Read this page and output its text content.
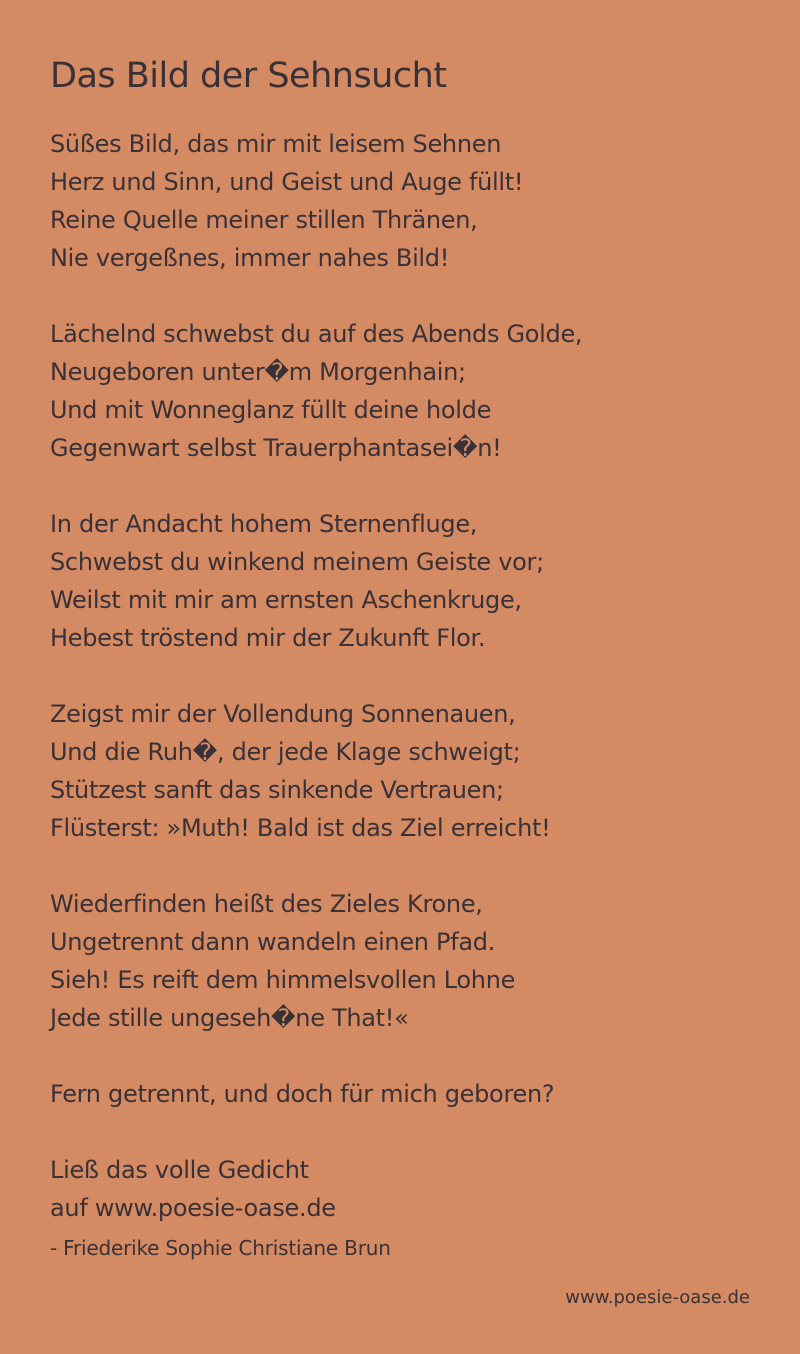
Das Bild der Sehnsucht
Süßes Bild, das mir mit leisem Sehnen
Herz und Sinn, und Geist und Auge füllt!
Reine Quelle meiner stillen Thränen,
Nie vergeßnes, immer nahes Bild!
Lächelnd schwebst du auf des Abends Golde,
Neugeboren unter�m Morgenhain;
Und mit Wonneglanz füllt deine holde
Gegenwart selbst Trauerphantasei�n!
In der Andacht hohem Sternenfluge,
Schwebst du winkend meinem Geiste vor;
Weilst mit mir am ernsten Aschenkruge,
Hebest tröstend mir der Zukunft Flor.
Zeigst mir der Vollendung Sonnenauen,
Und die Ruh�, der jede Klage schweigt;
Stützest sanft das sinkende Vertrauen;
Flüsterst: »Muth! Bald ist das Ziel erreicht!
Wiederfinden heißt des Zieles Krone,
Ungetrennt dann wandeln einen Pfad.
Sieh! Es reift dem himmelsvollen Lohne
Jede stille ungeseh�ne That!«
Fern getrennt, und doch für mich geboren?
Ließ das volle Gedicht
auf www.poesie-oase.de
- Friederike Sophie Christiane Brun
www.poesie-oase.de
